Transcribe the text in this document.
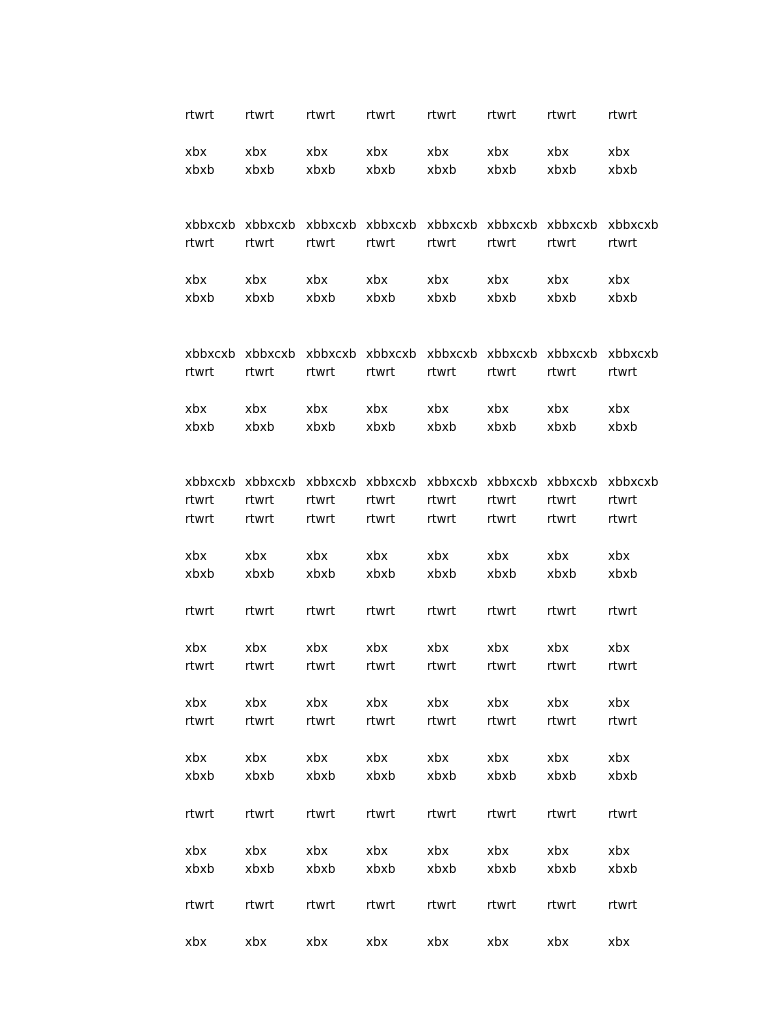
rtwrt	rtwrt	rtwrt	rtwrt	rtwrt	rtwrt	rtwrt	rtwrt
xbx	xbx	xbx	xbx	xbx	xbx	xbx	xbx
xbxb	xbxb	xbxb	xbxb	xbxb	xbxb	xbxb	xbxb
xbbxcxb xbbxcxb xbbxcxb xbbxcxb xbbxcxb xbbxcxb xbbxcxb xbbxcxb
rtwrt	rtwrt	rtwrt	rtwrt	rtwrt	rtwrt	rtwrt	rtwrt
xbx	xbx	xbx	xbx	xbx	xbx	xbx	xbx
xbxb	xbxb	xbxb	xbxb	xbxb	xbxb	xbxb	xbxb
xbbxcxb xbbxcxb xbbxcxb xbbxcxb xbbxcxb xbbxcxb xbbxcxb xbbxcxb
rtwrt	rtwrt	rtwrt	rtwrt	rtwrt	rtwrt	rtwrt	rtwrt
xbx	xbx	xbx	xbx	xbx	xbx	xbx	xbx
xbxb	xbxb	xbxb	xbxb	xbxb	xbxb	xbxb	xbxb
xbbxcxb xbbxcxb xbbxcxb xbbxcxb xbbxcxb xbbxcxb xbbxcxb xbbxcxb
rtwrt	rtwrt	rtwrt	rtwrt	rtwrt	rtwrt	rtwrt	rtwrt
rtwrt	rtwrt	rtwrt	rtwrt	rtwrt	rtwrt	rtwrt	rtwrt
xbx	xbx	xbx	xbx	xbx	xbx	xbx	xbx
xbxb	xbxb	xbxb	xbxb	xbxb	xbxb	xbxb	xbxb
rtwrt	rtwrt	rtwrt	rtwrt	rtwrt	rtwrt	rtwrt	rtwrt
xbx	xbx	xbx	xbx	xbx	xbx	xbx	xbx
rtwrt	rtwrt	rtwrt	rtwrt	rtwrt	rtwrt	rtwrt	rtwrt
xbx	xbx	xbx	xbx	xbx	xbx	xbx	xbx
rtwrt	rtwrt	rtwrt	rtwrt	rtwrt	rtwrt	rtwrt	rtwrt
xbx	xbx	xbx	xbx	xbx	xbx	xbx	xbx
xbxb	xbxb	xbxb	xbxb	xbxb	xbxb	xbxb	xbxb
rtwrt	rtwrt	rtwrt	rtwrt	rtwrt	rtwrt	rtwrt	rtwrt
xbx	xbx	xbx	xbx	xbx	xbx	xbx	xbx
xbxb	xbxb	xbxb	xbxb	xbxb	xbxb	xbxb	xbxb
rtwrt	rtwrt	rtwrt	rtwrt	rtwrt	rtwrt	rtwrt	rtwrt
xbx	xbx	xbx	xbx	xbx	xbx	xbx	xbx
